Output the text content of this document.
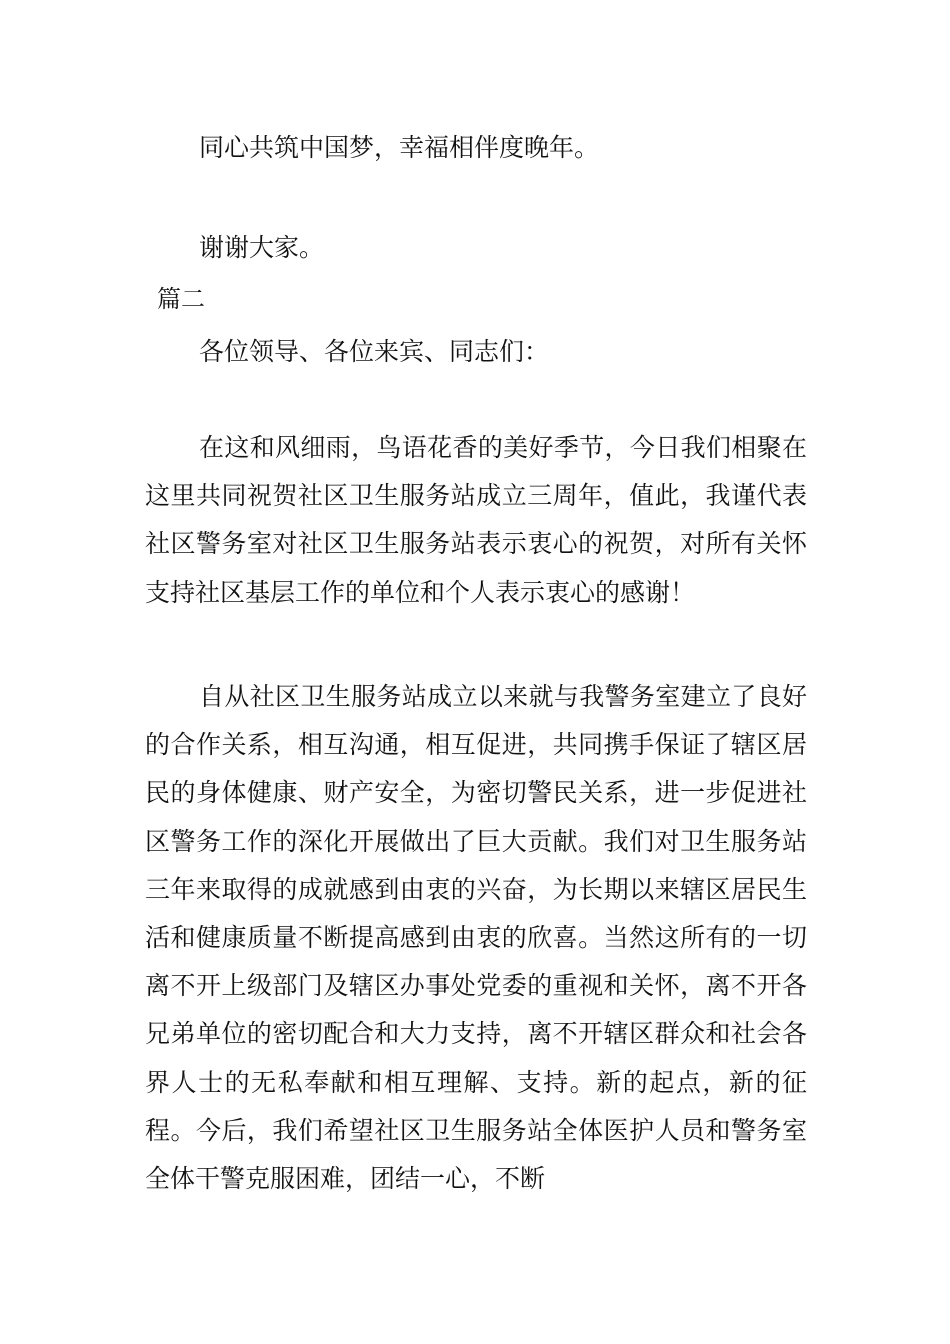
同心共筑中国梦，幸福相伴度晚年。
谢谢大家。
篇二
各位领导、各位来宾、同志们：

在这和风细雨，鸟语花香的美好季节，今日我们相聚在这里共同祝贺社区卫生服务站成立三周年，值此，我谨代表社区警务室对社区卫生服务站表示衷心的祝贺，对所有关怀支持社区基层工作的单位和个人表示衷心的感谢！

自从社区卫生服务站成立以来就与我警务室建立了良好的合作关系，相互沟通，相互促进，共同携手保证了辖区居民的身体健康、财产安全，为密切警民关系，进一步促进社区警务工作的深化开展做出了巨大贡献。我们对卫生服务站三年来取得的成就感到由衷的兴奋，为长期以来辖区居民生活和健康质量不断提高感到由衷的欣喜。当然这所有的一切离不开上级部门及辖区办事处党委的重视和关怀，离不开各兄弟单位的密切配合和大力支持，离不开辖区群众和社会各界人士的无私奉献和相互理解、支持。新的起点，新的征程。今后，我们希望社区卫生服务站全体医护人员和警务室全体干警克服困难，团结一心，不断
